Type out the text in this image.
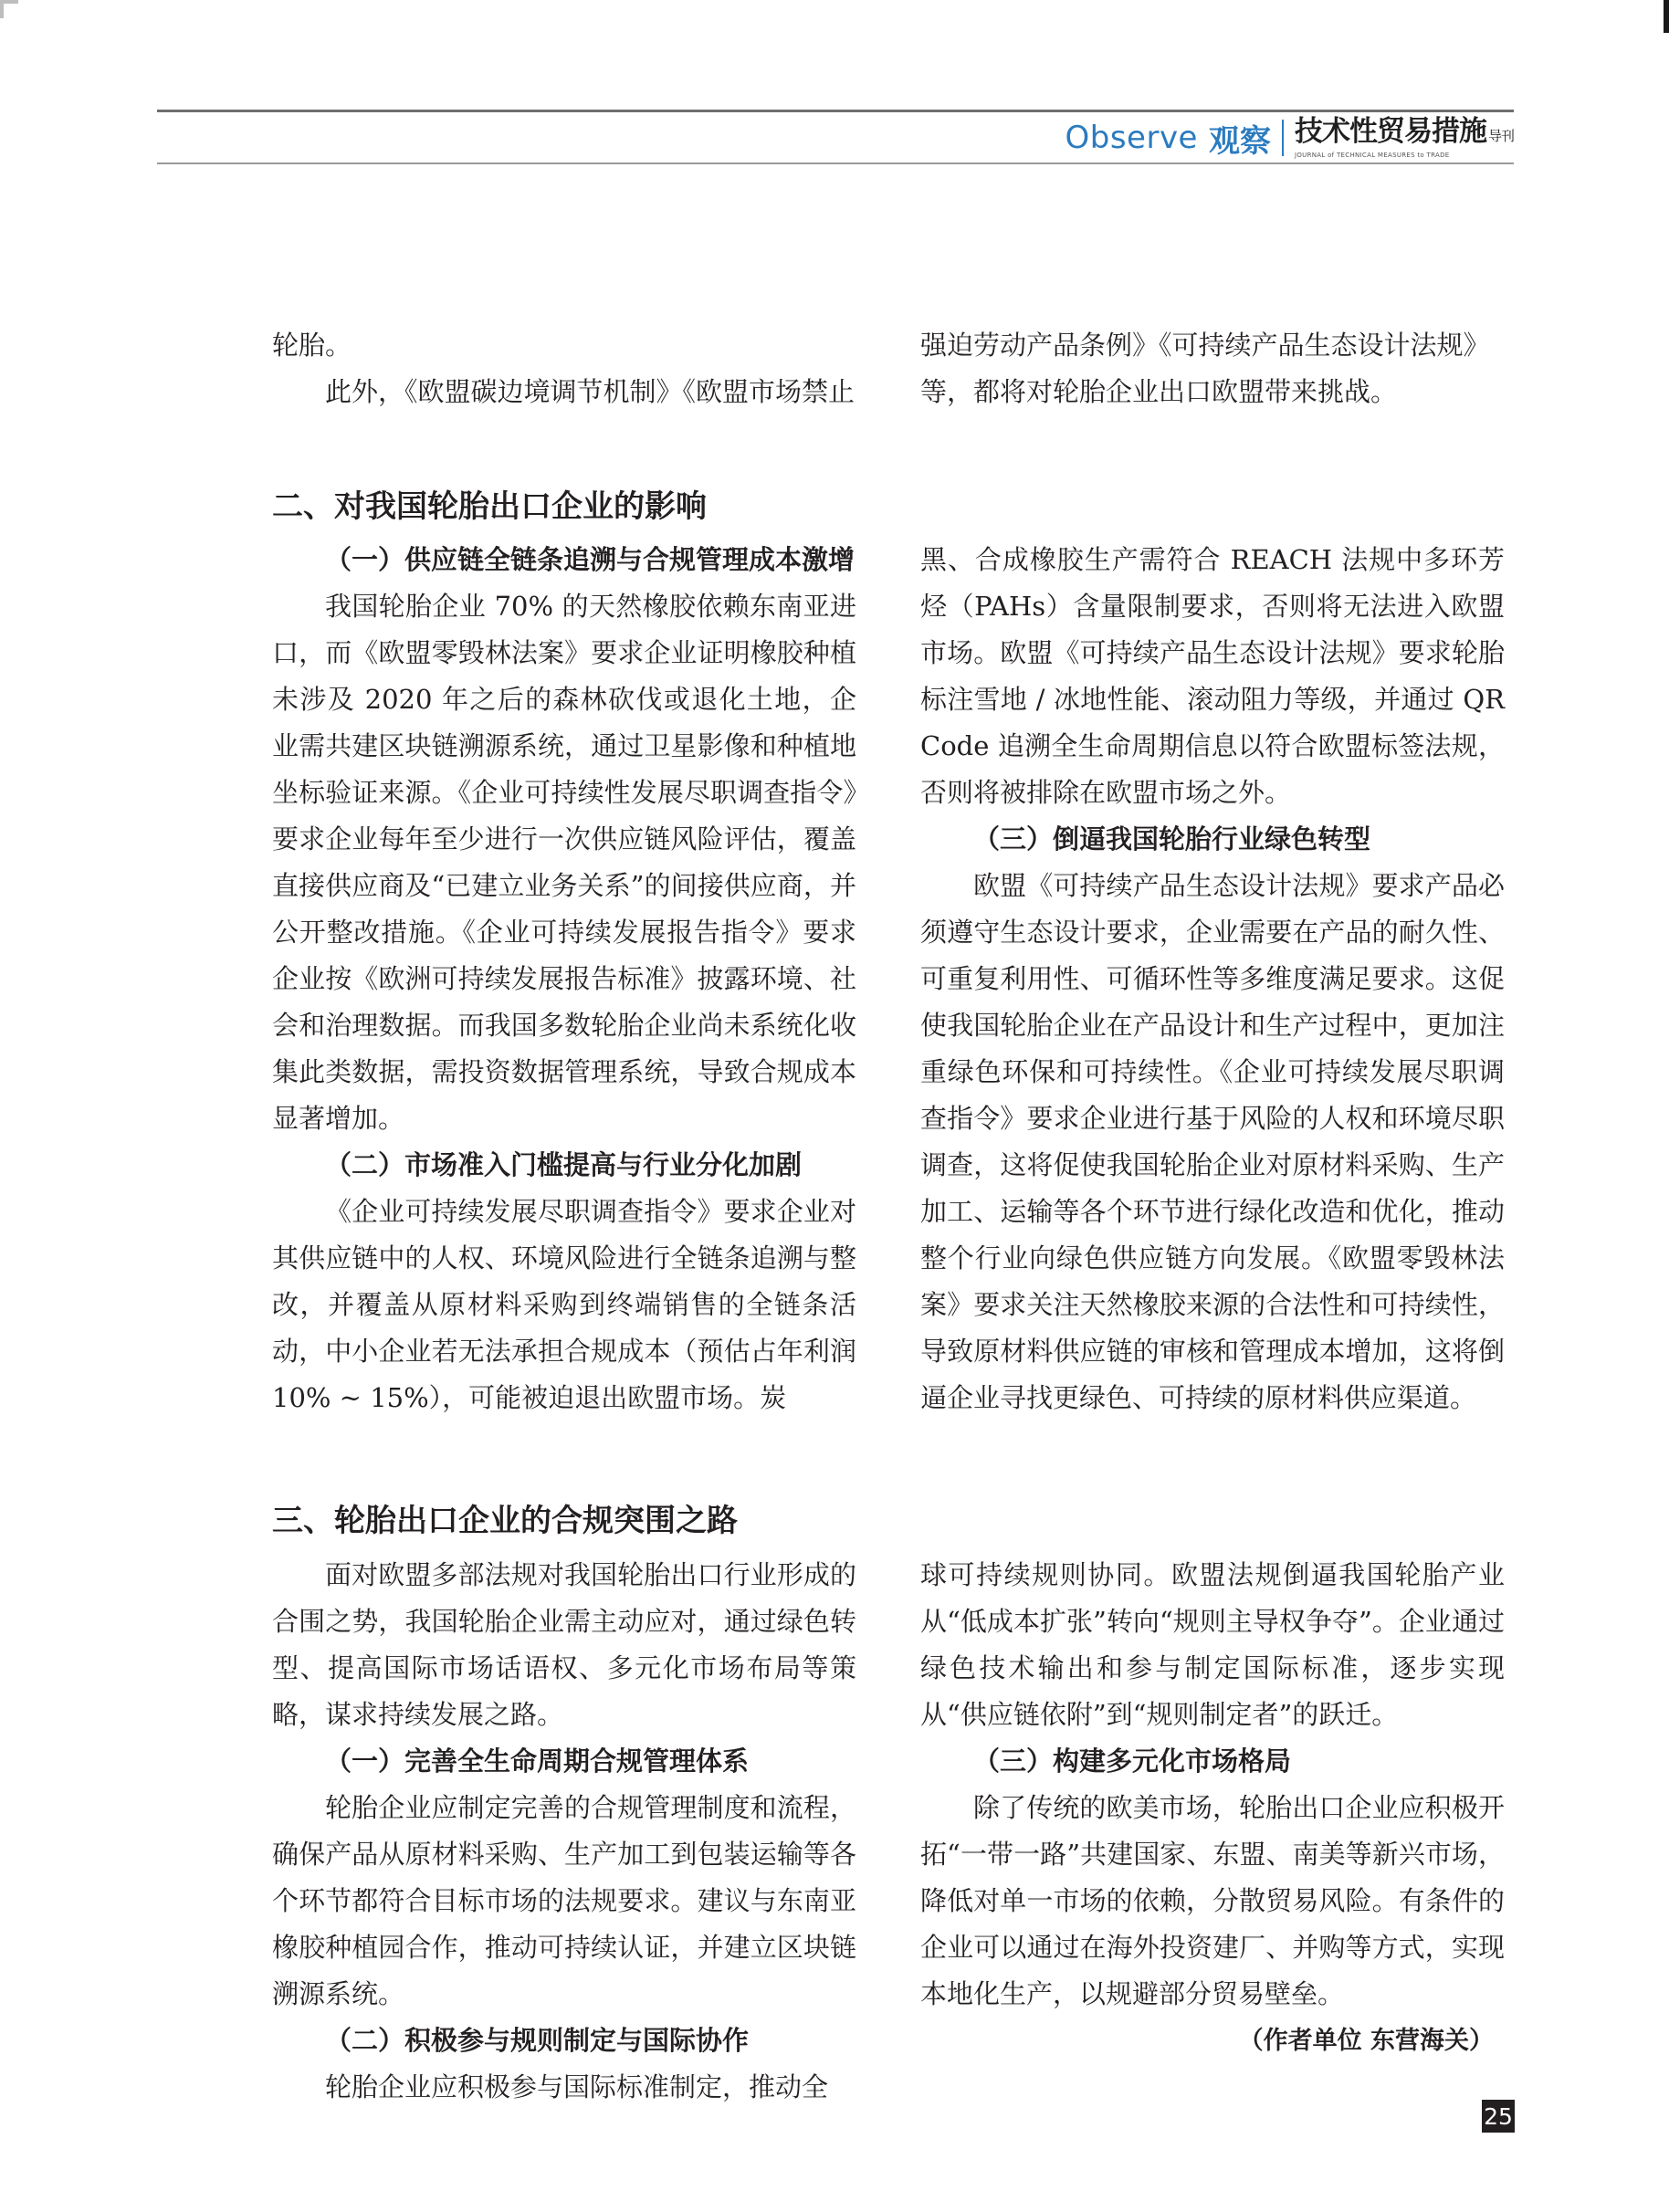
Observe 观察 技术性贸易措施 导刊
JOURNAL of TECHNICAL MEASURES to TRADE

轮胎。

此外，《欧盟碳边境调节机制》《欧盟市场禁止

强迫劳动产品条例》《可持续产品生态设计法规》

等，都将对轮胎企业出口欧盟带来挑战。

二、对我国轮胎出口企业的影响

（一）供应链全链条追溯与合规管理成本激增

我国轮胎企业 70% 的天然橡胶依赖东南亚进口，而《欧盟零毁林法案》要求企业证明橡胶种植未涉及 2020 年之后的森林砍伐或退化土地，企业需共建区块链溯源系统，通过卫星影像和种植地坐标验证来源。《企业可持续性发展尽职调查指令》要求企业每年至少进行一次供应链风险评估，覆盖直接供应商及“已建立业务关系”的间接供应商，并公开整改措施。《企业可持续发展报告指令》要求企业按《欧洲可持续发展报告标准》披露环境、社会和治理数据。而我国多数轮胎企业尚未系统化收集此类数据，需投资数据管理系统，导致合规成本显著增加。

（二）市场准入门槛提高与行业分化加剧

《企业可持续发展尽职调查指令》要求企业对其供应链中的人权、环境风险进行全链条追溯与整改，并覆盖从原材料采购到终端销售的全链条活动，中小企业若无法承担合规成本（预估占年利润 10% ~ 15%），可能被迫退出欧盟市场。炭

黑、合成橡胶生产需符合 REACH 法规中多环芳烃（PAHs）含量限制要求，否则将无法进入欧盟市场。欧盟《可持续产品生态设计法规》要求轮胎标注雪地 / 冰地性能、滚动阻力等级，并通过 QR Code 追溯全生命周期信息以符合欧盟标签法规，否则将被排除在欧盟市场之外。

（三）倒逼我国轮胎行业绿色转型

欧盟《可持续产品生态设计法规》要求产品必须遵守生态设计要求，企业需要在产品的耐久性、可重复利用性、可循环性等多维度满足要求。这促使我国轮胎企业在产品设计和生产过程中，更加注重绿色环保和可持续性。《企业可持续发展尽职调查指令》要求企业进行基于风险的人权和环境尽职调查，这将促使我国轮胎企业对原材料采购、生产加工、运输等各个环节进行绿化改造和优化，推动整个行业向绿色供应链方向发展。《欧盟零毁林法案》要求关注天然橡胶来源的合法性和可持续性，导致原材料供应链的审核和管理成本增加，这将倒逼企业寻找更绿色、可持续的原材料供应渠道。

三、轮胎出口企业的合规突围之路

面对欧盟多部法规对我国轮胎出口行业形成的合围之势，我国轮胎企业需主动应对，通过绿色转型、提高国际市场话语权、多元化市场布局等策略，谋求持续发展之路。

（一）完善全生命周期合规管理体系

轮胎企业应制定完善的合规管理制度和流程，确保产品从原材料采购、生产加工到包装运输等各个环节都符合目标市场的法规要求。建议与东南亚橡胶种植园合作，推动可持续认证，并建立区块链溯源系统。

（二）积极参与规则制定与国际协作

轮胎企业应积极参与国际标准制定，推动全

球可持续规则协同。欧盟法规倒逼我国轮胎产业从“低成本扩张”转向“规则主导权争夺”。企业通过绿色技术输出和参与制定国际标准，逐步实现从“供应链依附”到“规则制定者”的跃迁。

（三）构建多元化市场格局

除了传统的欧美市场，轮胎出口企业应积极开拓“一带一路”共建国家、东盟、南美等新兴市场，降低对单一市场的依赖，分散贸易风险。有条件的企业可以通过在海外投资建厂、并购等方式，实现本地化生产，以规避部分贸易壁垒。

（作者单位 东营海关）

25
